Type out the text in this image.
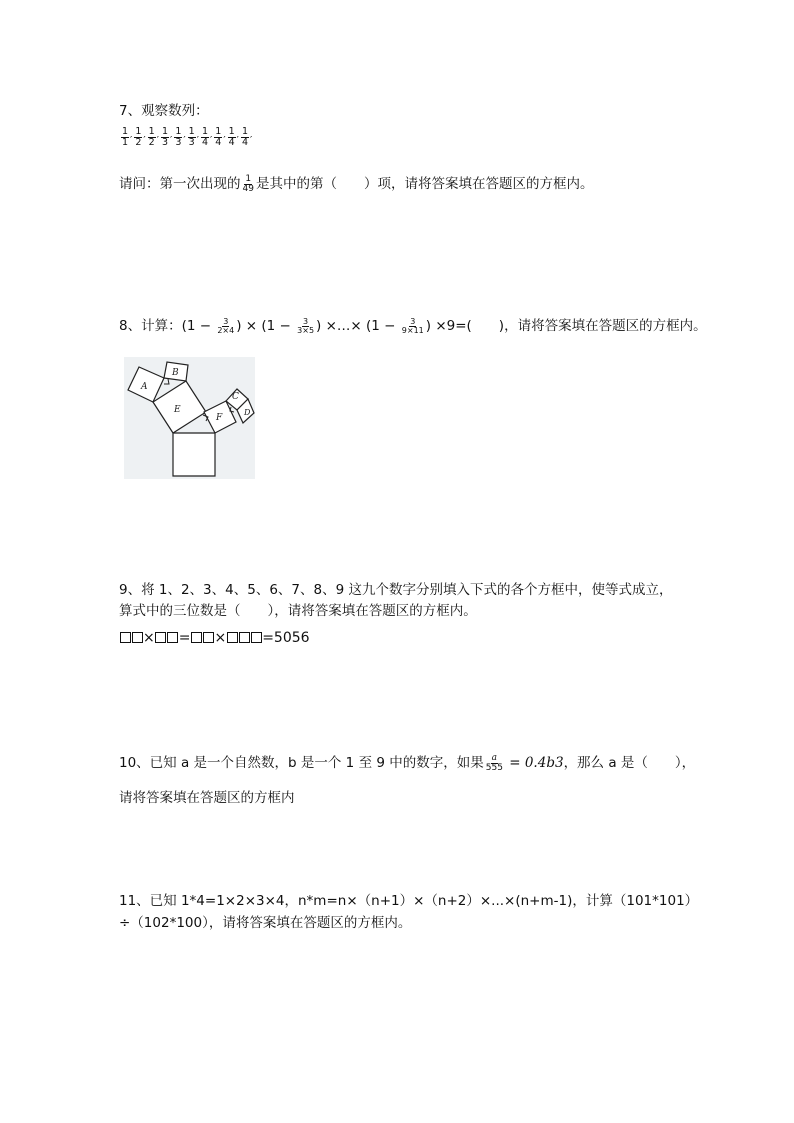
7、观察数列：
$\frac{1}{1}$ ′ $\frac{1}{2}$ ′ $\frac{1}{2}$ ′ $\frac{1}{3}$ ′ $\frac{1}{3}$ ′ $\frac{1}{3}$ ′ $\frac{1}{4}$ ′ $\frac{1}{4}$ ′ $\frac{1}{4}$ ′ $\frac{1}{4}$ ′
请问：第一次出现的 $\frac{1}{49}$ 是其中的第（　　）项，请将答案填在答题区的方框内。
8、计算：($1 - \frac{3}{2\times 4}$ ) × ($1 - \frac{3}{3\times 5}$ ) ×…× ($1 - \frac{3}{9\times 11}$ ) ×9=(　　)，请将答案填在答题区的方框内。
A
B
E
F
C
D
9、将 1、2、3、4、5、6、7、8、9 这九个数字分别填入下式的各个方框中，使等式成立，
算式中的三位数是（　　），请将答案填在答题区的方框内。
× = ×	=5056
10、已知 a 是一个自然数，b 是一个 1 至 9 中的数字，如果 $\frac{a}{555} = 0.4b3$，那么 a 是（　　），
请将答案填在答题区的方框内
11、已知 1*4=1×2×3×4，n*m=n×（n+1）×（n+2）×...×(n+m-1)，计算（101*101）
÷（102*100），请将答案填在答题区的方框内。
